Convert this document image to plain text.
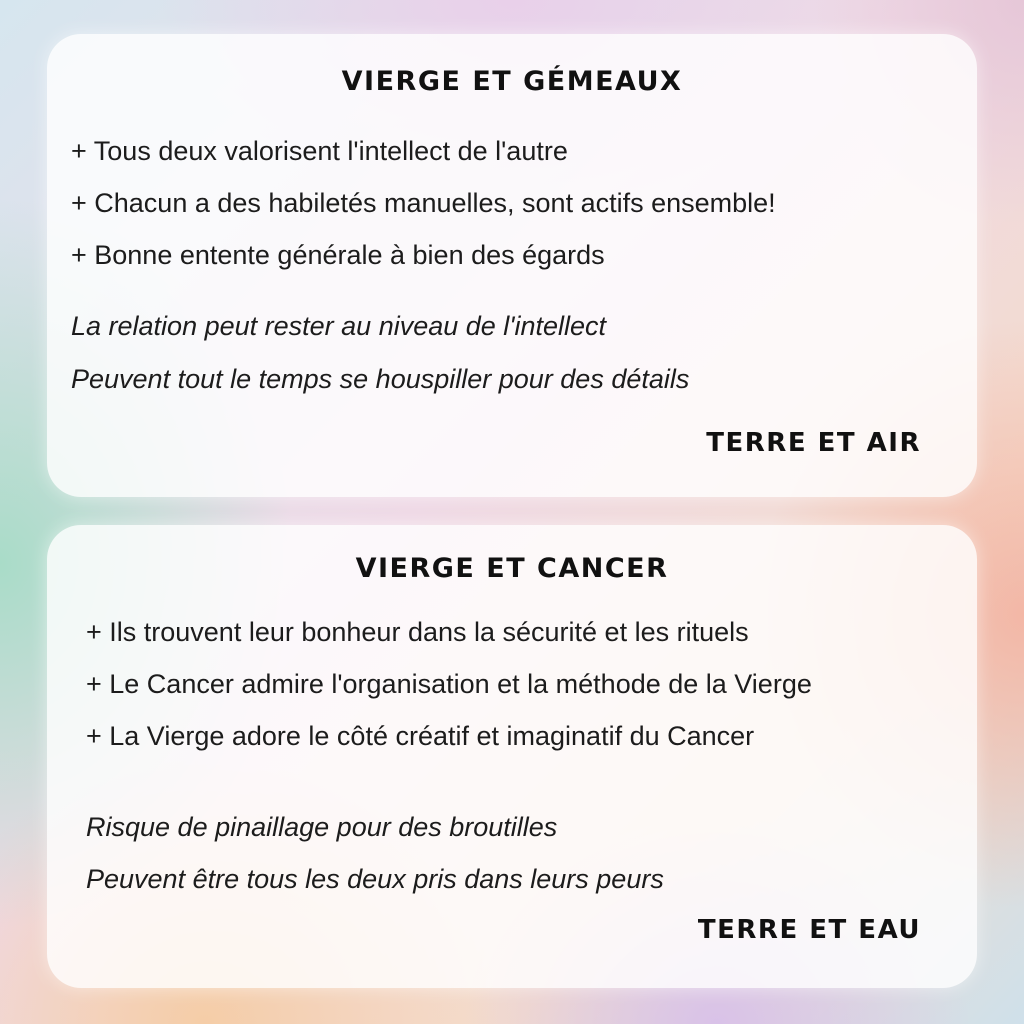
VIERGE ET GÉMEAUX
+ Tous deux valorisent l'intellect de l'autre
+ Chacun a des habiletés manuelles, sont actifs ensemble!
+ Bonne entente générale à bien des égards
La relation peut rester au niveau de l'intellect
Peuvent tout le temps se houspiller pour des détails
TERRE ET AIR
VIERGE ET CANCER
+ Ils trouvent leur bonheur dans la sécurité et les rituels
+ Le Cancer admire l'organisation et la méthode de la Vierge
+ La Vierge adore le côté créatif et imaginatif du Cancer
Risque de pinaillage pour des broutilles
Peuvent être tous les deux pris dans leurs peurs
TERRE ET EAU
